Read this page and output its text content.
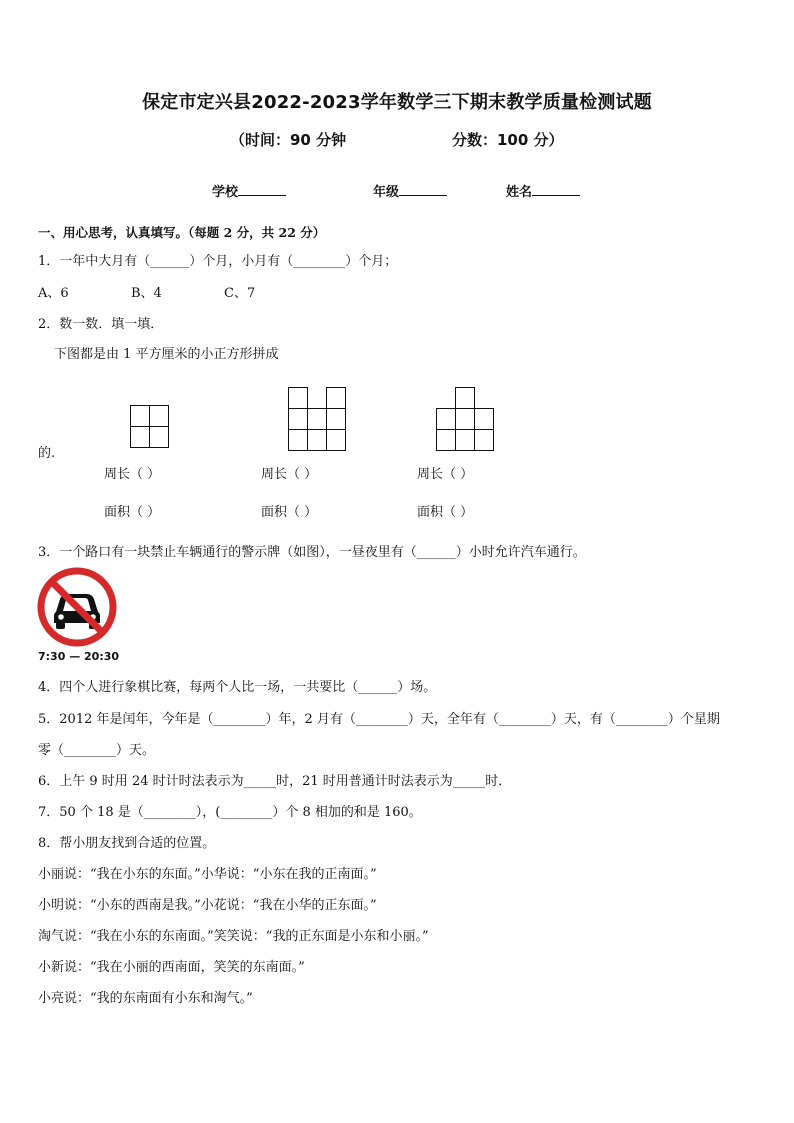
保定市定兴县2022-2023学年数学三下期末教学质量检测试题
（时间：90 分钟	分数：100 分）
学校	年级	姓名
一、用心思考，认真填写。（每题 2 分，共 22 分）
1．一年中大月有（______）个月，小月有（________）个月；
A、6	B、4	C、7
2．数一数．填一填．
下图都是由 1 平方厘米的小正方形拼成
的.
周长（ ）	周长（ ）	周长（ ）
面积（ ）	面积（ ）	面积（ ）
3．一个路口有一块禁止车辆通行的警示牌（如图），一昼夜里有（______）小时允许汽车通行。
7:30 — 20:30
4．四个人进行象棋比赛，每两个人比一场，一共要比（______）场。
5．2012 年是闰年，今年是（________）年，2 月有（________）天，全年有（________）天，有（________）个星期
零（________）天。
6．上午 9 时用 24 时计时法表示为_____时，21 时用普通计时法表示为_____时．
7．50 个 18 是（________），(________）个 8 相加的和是 160。
8．帮小朋友找到合适的位置。
小丽说：“我在小东的东面。”小华说：“小东在我的正南面。”
小明说：“小东的西南是我。”小花说：“我在小华的正东面。”
淘气说：“我在小东的东南面。”笑笑说：“我的正东面是小东和小丽。”
小新说：“我在小丽的西南面，笑笑的东南面。”
小亮说：“我的东南面有小东和淘气。”
